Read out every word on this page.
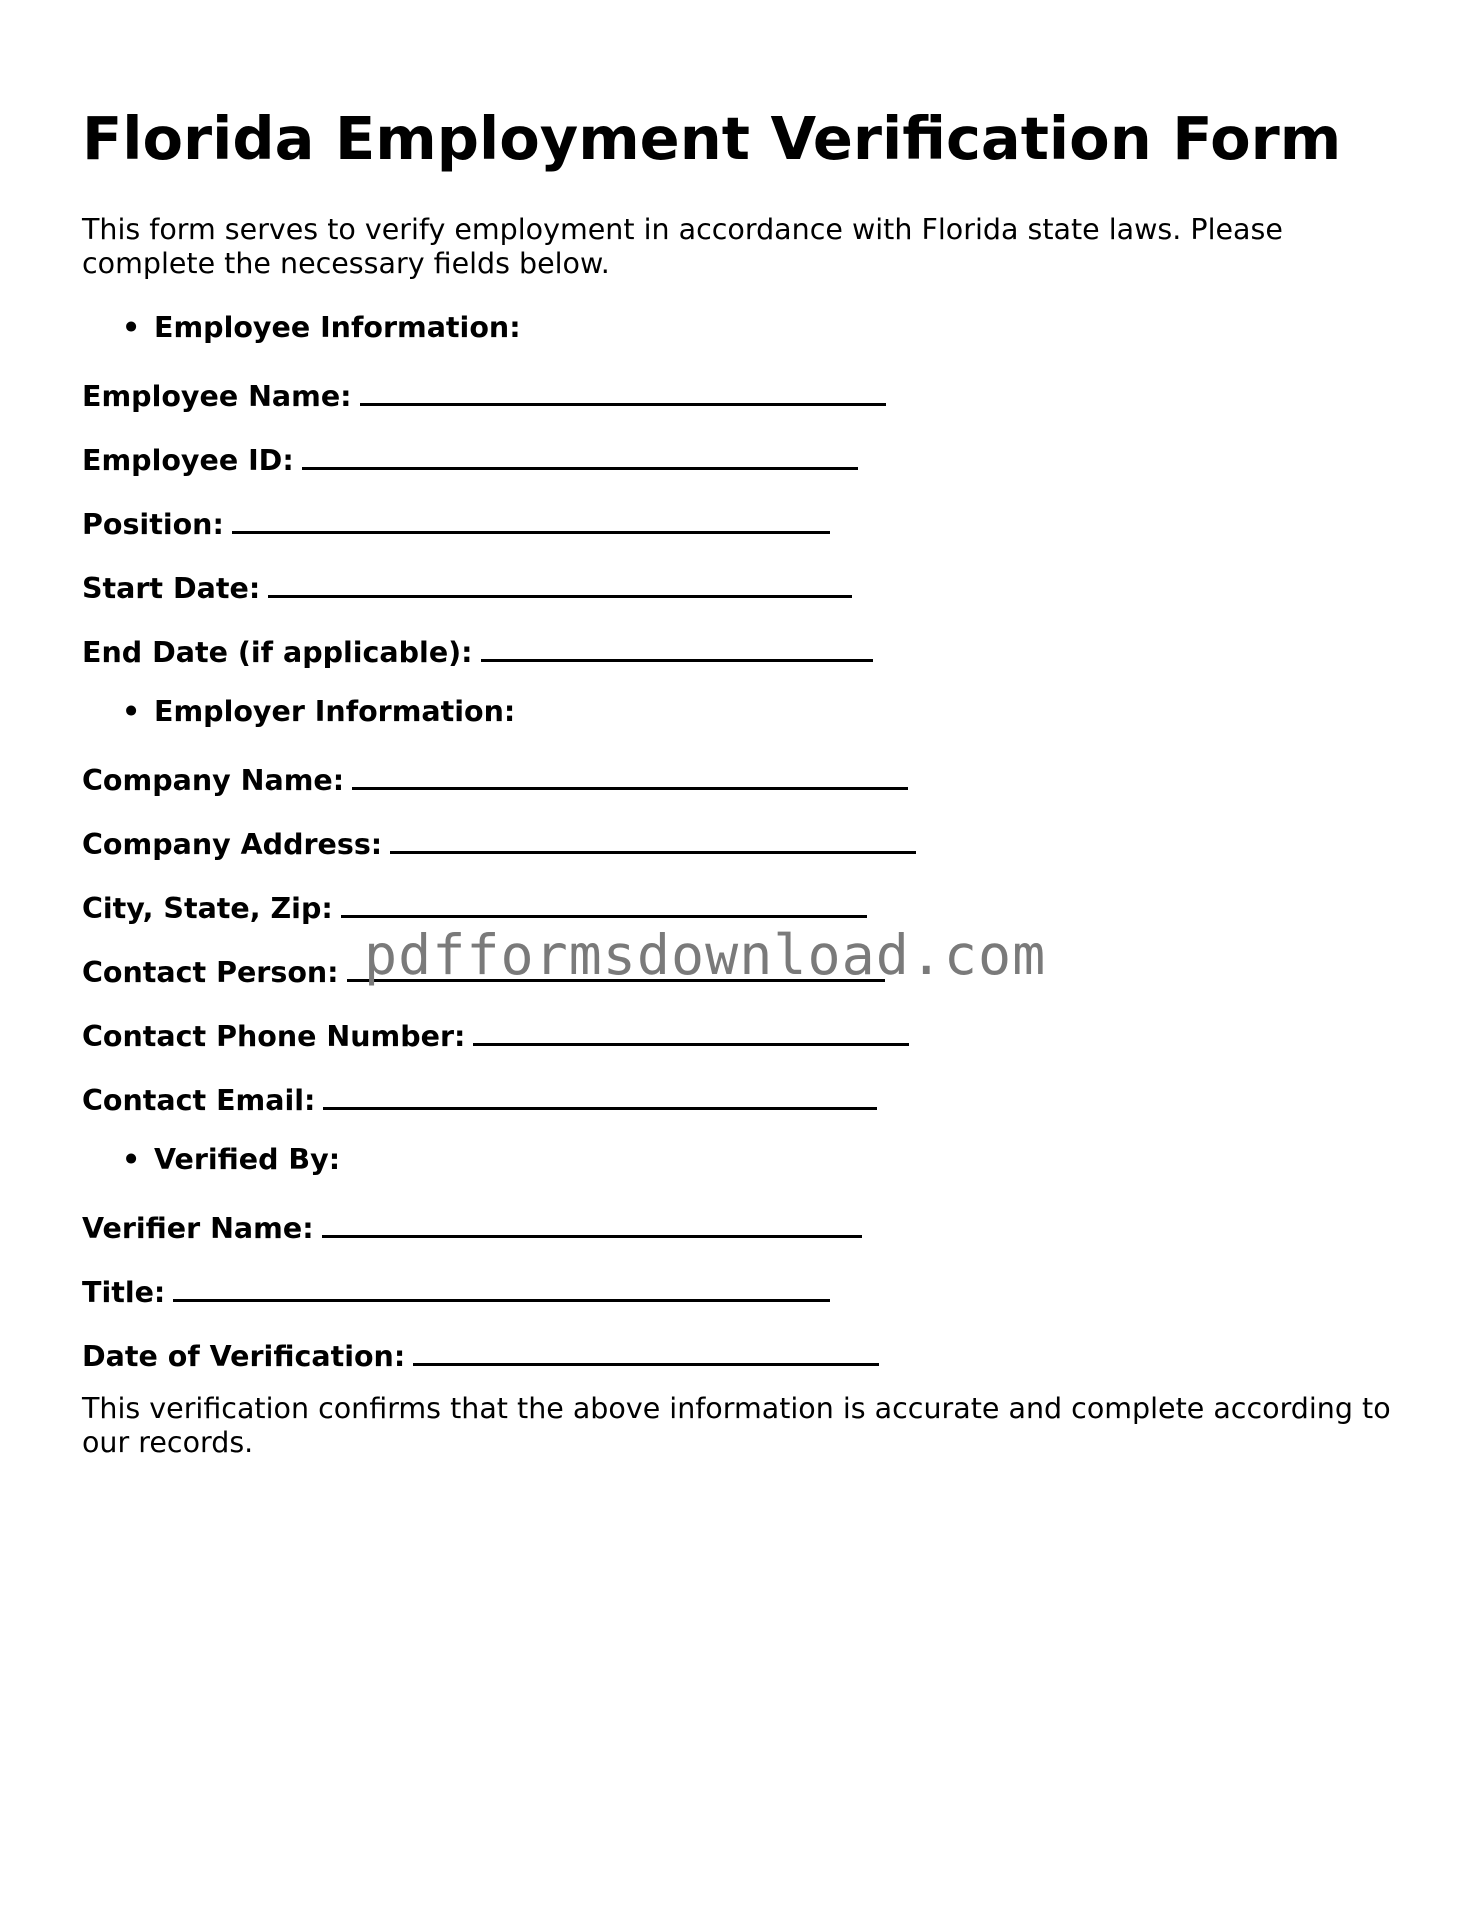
Florida Employment Verification Form

This form serves to verify employment in accordance with Florida state laws. Please complete the necessary fields below.

• Employee Information:

Employee Name:

Employee ID:

Position:

Start Date:

End Date (if applicable):

• Employer Information:

Company Name:

Company Address:

City, State, Zip:

Contact Person:

Contact Phone Number:

Contact Email:

• Verified By:

Verifier Name:

Title:

Date of Verification:

This verification confirms that the above information is accurate and complete according to our records.

pdfformsdownload.com
